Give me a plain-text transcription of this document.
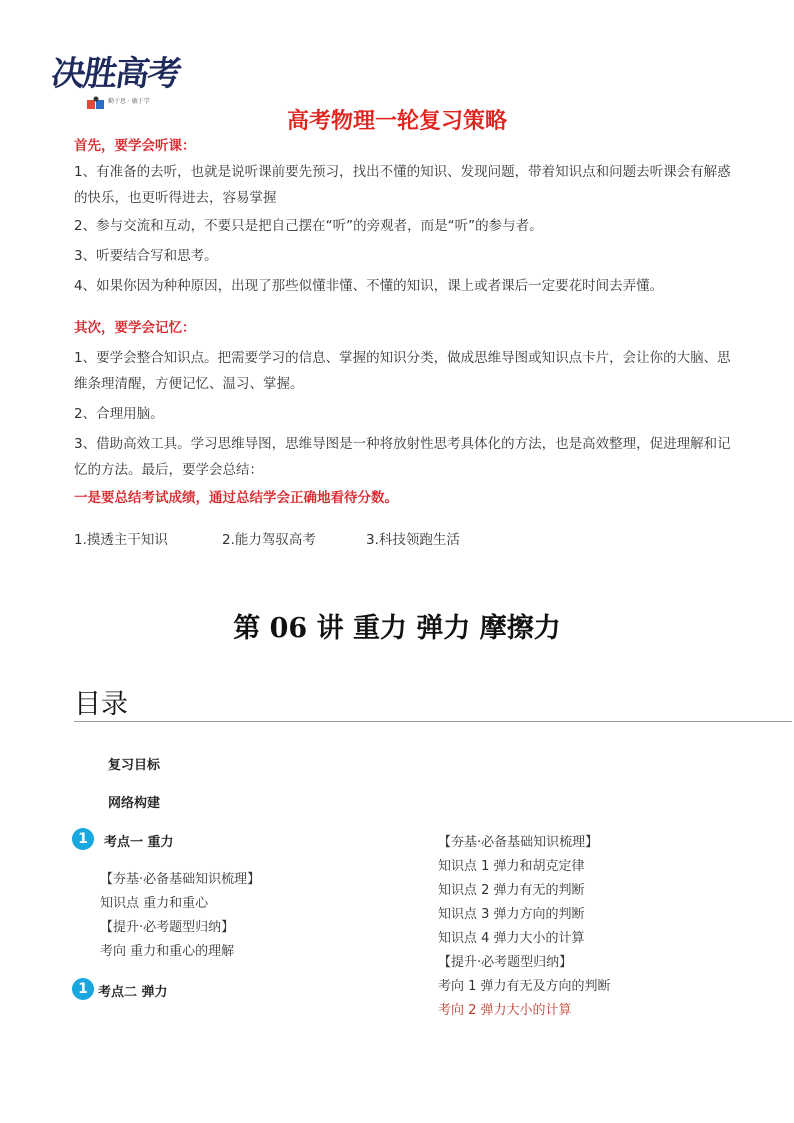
决胜高考
勤于思 · 敏于学
高考物理一轮复习策略
首先，要学会听课：
1、有准备的去听，也就是说听课前要先预习，找出不懂的知识、发现问题，带着知识点和问题去听课会有解惑的快乐，也更听得进去，容易掌握
2、参与交流和互动，不要只是把自己摆在“听”的旁观者，而是“听”的参与者。
3、听要结合写和思考。
4、如果你因为种种原因，出现了那些似懂非懂、不懂的知识，课上或者课后一定要花时间去弄懂。
其次，要学会记忆：
1、要学会整合知识点。把需要学习的信息、掌握的知识分类，做成思维导图或知识点卡片，会让你的大脑、思维条理清醒，方便记忆、温习、掌握。
2、合理用脑。
3、借助高效工具。学习思维导图，思维导图是一种将放射性思考具体化的方法，也是高效整理，促进理解和记忆的方法。最后，要学会总结：
一是要总结考试成绩，通过总结学会正确地看待分数。
1.摸透主干知识	2.能力驾驭高考	3.科技领跑生活
第 06 讲 重力 弹力 摩擦力
目录
复习目标
网络构建
1	考点一 重力
【夯基·必备基础知识梳理】
知识点 重力和重心
【提升·必考题型归纳】
考向 重力和重心的理解
1 考点二 弹力
【夯基·必备基础知识梳理】
知识点 1 弹力和胡克定律
知识点 2 弹力有无的判断
知识点 3 弹力方向的判断
知识点 4 弹力大小的计算
【提升·必考题型归纳】
考向 1 弹力有无及方向的判断
考向 2 弹力大小的计算
